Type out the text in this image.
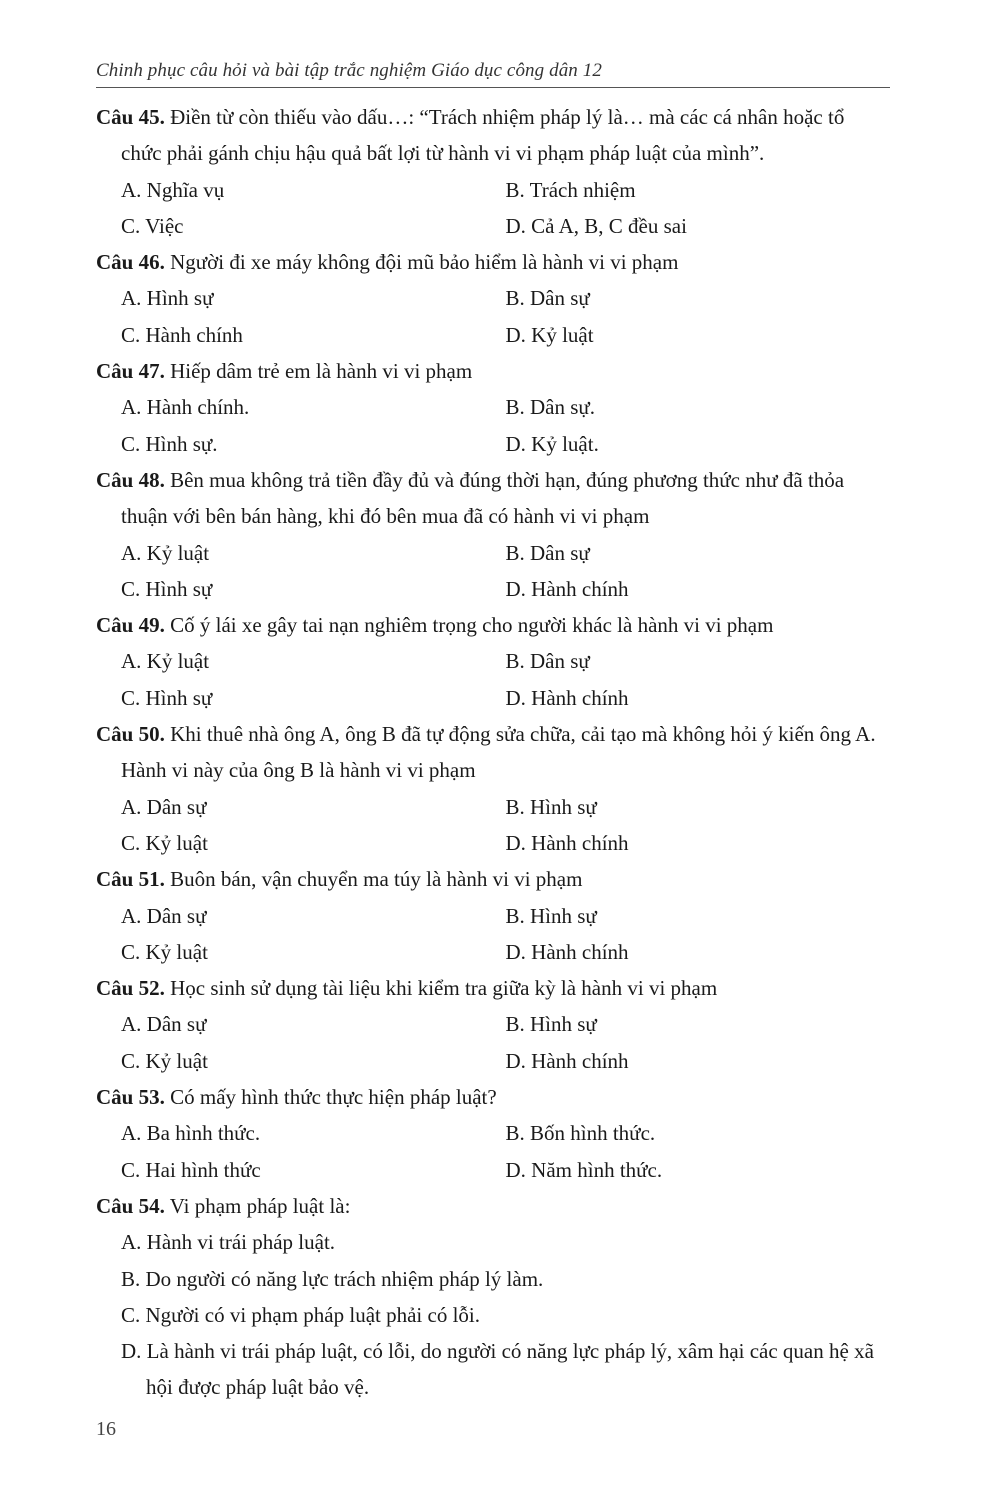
Chinh phục câu hỏi và bài tập trắc nghiệm Giáo dục công dân 12
Câu 45. Điền từ còn thiếu vào dấu…: “Trách nhiệm pháp lý là… mà các cá nhân hoặc tổ chức phải gánh chịu hậu quả bất lợi từ hành vi vi phạm pháp luật của mình”.
A. Nghĩa vụ	B. Trách nhiệm
C. Việc	D. Cả A, B, C đều sai
Câu 46. Người đi xe máy không đội mũ bảo hiểm là hành vi vi phạm
A. Hình sự	B. Dân sự
C. Hành chính	D. Kỷ luật
Câu 47. Hiếp dâm trẻ em là hành vi vi phạm
A. Hành chính.	B. Dân sự.
C. Hình sự.	D. Kỷ luật.
Câu 48. Bên mua không trả tiền đầy đủ và đúng thời hạn, đúng phương thức như đã thỏa thuận với bên bán hàng, khi đó bên mua đã có hành vi vi phạm
A. Kỷ luật	B. Dân sự
C. Hình sự	D. Hành chính
Câu 49. Cố ý lái xe gây tai nạn nghiêm trọng cho người khác là hành vi vi phạm
A. Kỷ luật	B. Dân sự
C. Hình sự	D. Hành chính
Câu 50. Khi thuê nhà ông A, ông B đã tự động sửa chữa, cải tạo mà không hỏi ý kiến ông A. Hành vi này của ông B là hành vi vi phạm
A. Dân sự	B. Hình sự
C. Kỷ luật	D. Hành chính
Câu 51. Buôn bán, vận chuyển ma túy là hành vi vi phạm
A. Dân sự	B. Hình sự
C. Kỷ luật	D. Hành chính
Câu 52. Học sinh sử dụng tài liệu khi kiểm tra giữa kỳ là hành vi vi phạm
A. Dân sự	B. Hình sự
C. Kỷ luật	D. Hành chính
Câu 53. Có mấy hình thức thực hiện pháp luật?
A. Ba hình thức.	B. Bốn hình thức.
C. Hai hình thức	D. Năm hình thức.
Câu 54. Vi phạm pháp luật là:
A. Hành vi trái pháp luật.
B. Do người có năng lực trách nhiệm pháp lý làm.
C. Người có vi phạm pháp luật phải có lỗi.
D. Là hành vi trái pháp luật, có lỗi, do người có năng lực pháp lý, xâm hại các quan hệ xã hội được pháp luật bảo vệ.
16
